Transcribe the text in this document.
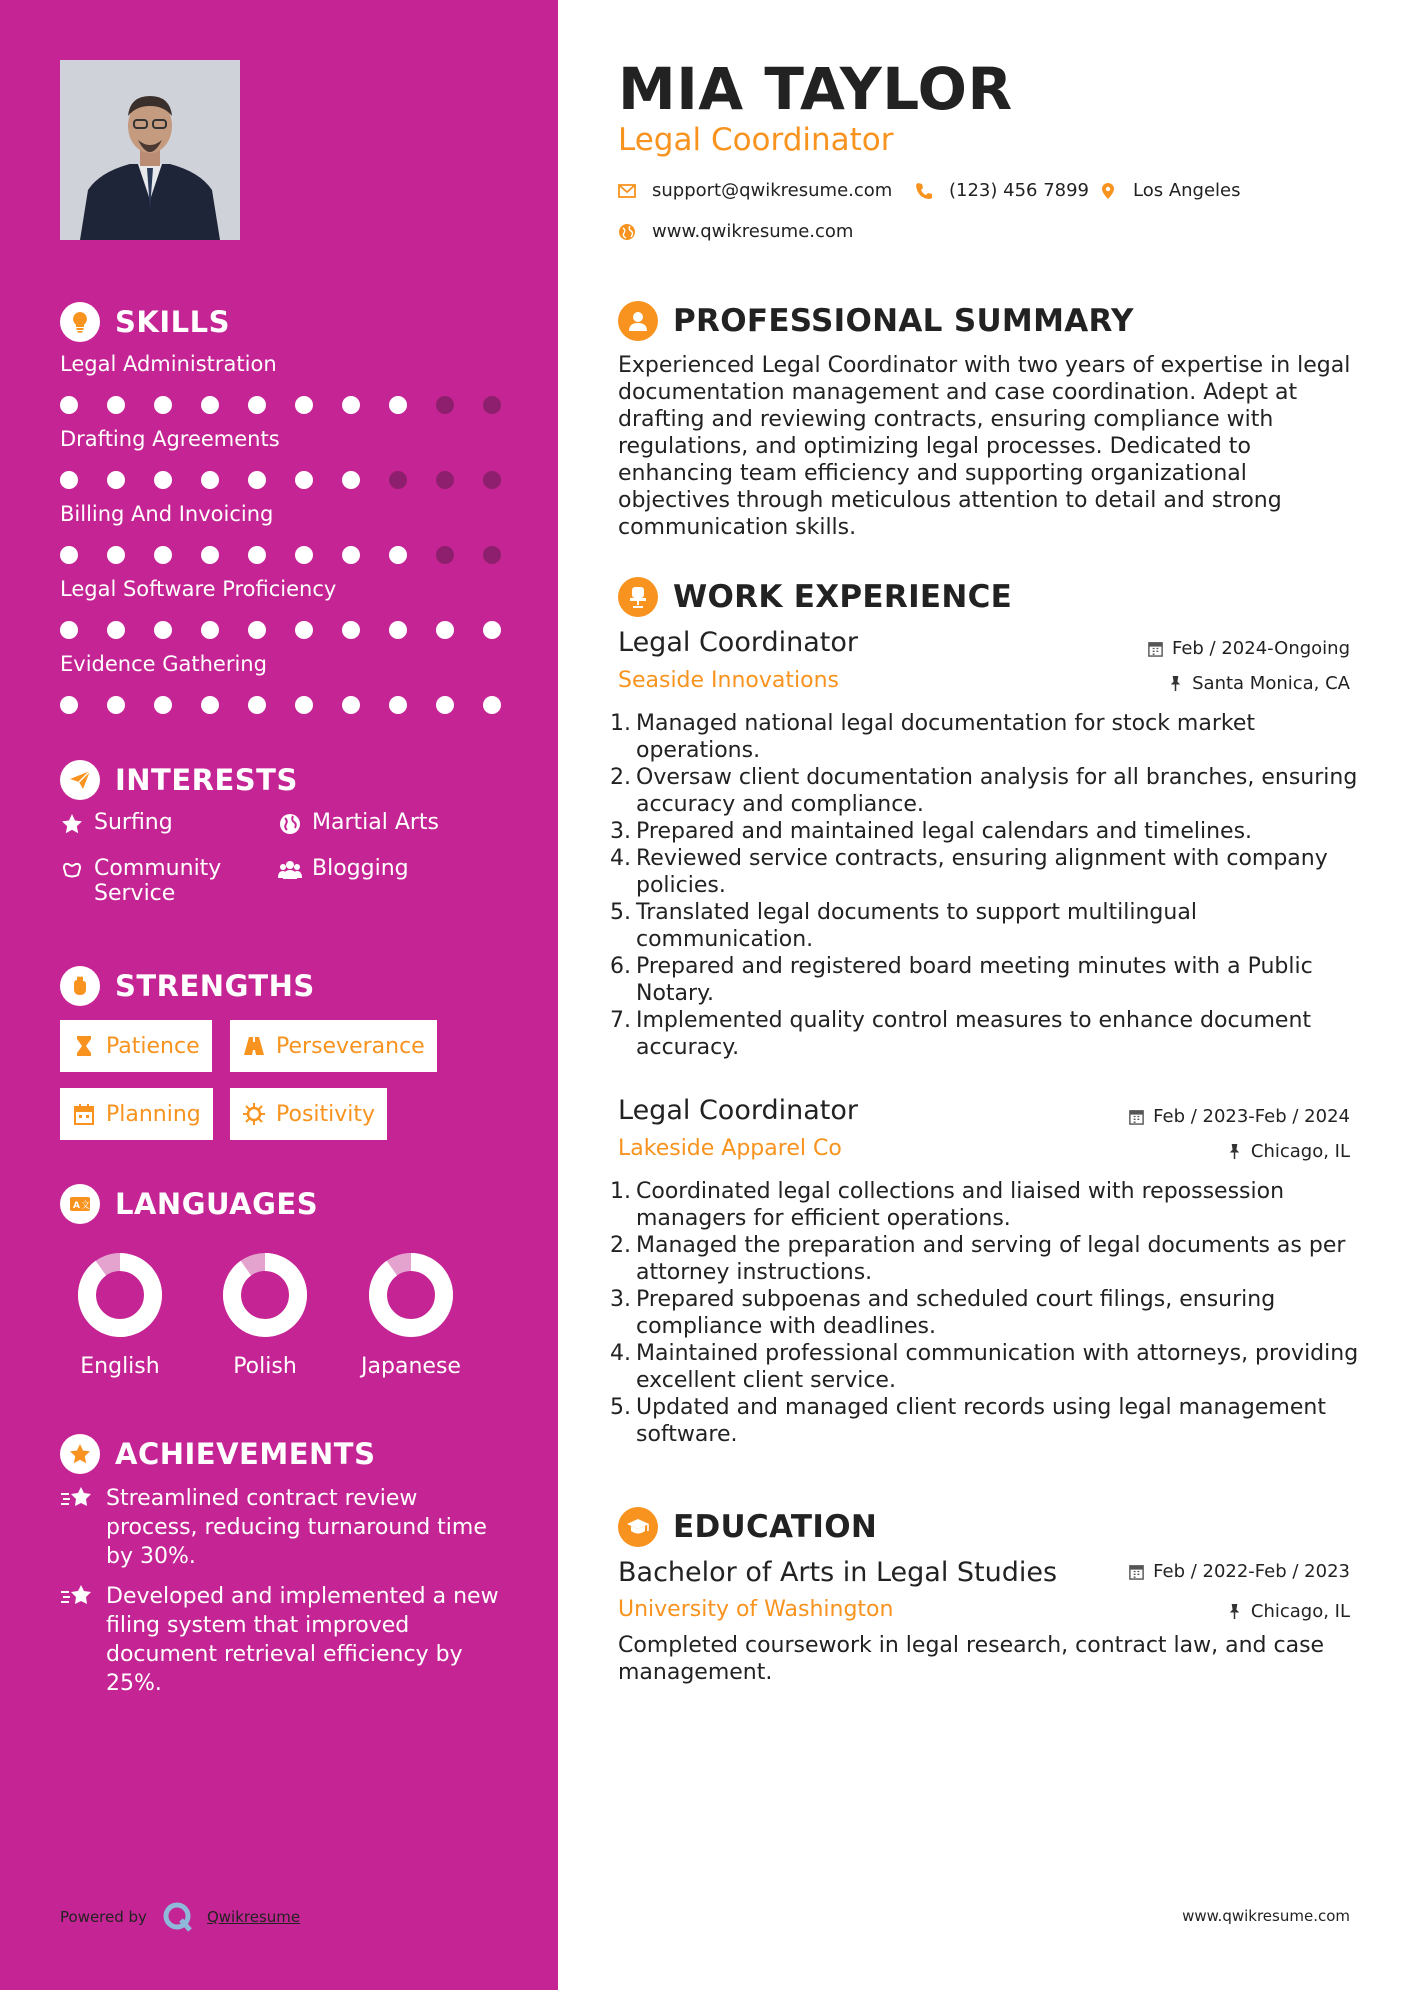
SKILLS
Legal Administration
Drafting Agreements
Billing And Invoicing
Legal Software Proficiency
Evidence Gathering
INTERESTS
Surfing	Martial Arts
Community Service
Blogging
STRENGTHS
Patience	Perseverance
Planning	Positivity
A 文 LANGUAGES
English	Polish	Japanese
ACHIEVEMENTS
Streamlined contract review process, reducing turnaround time by 30%.
Developed and implemented a new filing system that improved document retrieval efficiency by 25%.
Powered by	Qwikresume
MIA TAYLOR
Legal Coordinator
support@qwikresume.com	(123) 456 7899 Los Angeles
www.qwikresume.com
PROFESSIONAL SUMMARY
Experienced Legal Coordinator with two years of expertise in legal documentation management and case coordination. Adept at drafting and reviewing contracts, ensuring compliance with regulations, and optimizing legal processes. Dedicated to enhancing team efficiency and supporting organizational objectives through meticulous attention to detail and strong communication skills.
WORK EXPERIENCE
Legal Coordinator	Feb / 2024-Ongoing
Seaside Innovations	Santa Monica, CA
1. Managed national legal documentation for stock market operations.
2. Oversaw client documentation analysis for all branches, ensuring accuracy and compliance.
3. Prepared and maintained legal calendars and timelines.
4. Reviewed service contracts, ensuring alignment with company policies.
5. Translated legal documents to support multilingual communication.
6. Prepared and registered board meeting minutes with a Public Notary.
7. Implemented quality control measures to enhance document accuracy.
Legal Coordinator	Feb / 2023-Feb / 2024
Lakeside Apparel Co	Chicago, IL
1. Coordinated legal collections and liaised with repossession managers for efficient operations.
2. Managed the preparation and serving of legal documents as per attorney instructions.
3. Prepared subpoenas and scheduled court filings, ensuring compliance with deadlines.
4. Maintained professional communication with attorneys, providing excellent client service.
5. Updated and managed client records using legal management software.
EDUCATION
Bachelor of Arts in Legal Studies	Feb / 2022-Feb / 2023
University of Washington	Chicago, IL
Completed coursework in legal research, contract law, and case management.
www.qwikresume.com
